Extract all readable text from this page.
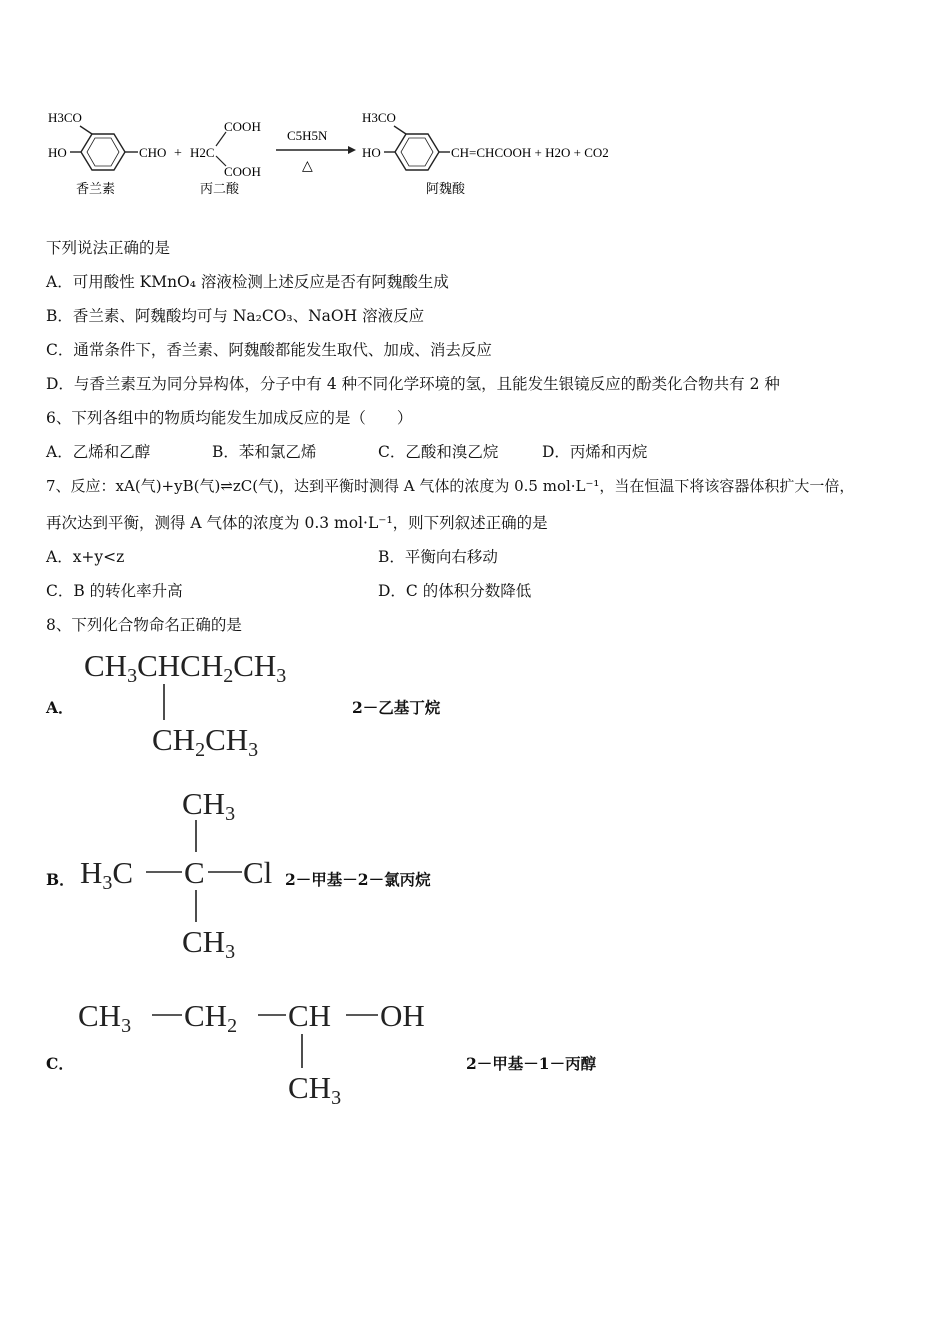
H3CO
HO	CHO + H2C
COOH
COOH
C5H5N
△
H3CO
HO	CH=CHCOOH + H2O + CO2
香兰素	丙二酸	阿魏酸
下列说法正确的是
A．可用酸性 KMnO₄ 溶液检测上述反应是否有阿魏酸生成
B．香兰素、阿魏酸均可与 Na₂CO₃、NaOH 溶液反应
C．通常条件下，香兰素、阿魏酸都能发生取代、加成、消去反应
D．与香兰素互为同分异构体，分子中有 4 种不同化学环境的氢，且能发生银镜反应的酚类化合物共有 2 种
6、下列各组中的物质均能发生加成反应的是（　　）
A．乙烯和乙醇	B．苯和氯乙烯	C．乙酸和溴乙烷	D．丙烯和丙烷
7、反应：xA(气)+yB(气)⇌zC(气)，达到平衡时测得 A 气体的浓度为 0.5 mol·L⁻¹，当在恒温下将该容器体积扩大一倍，
再次达到平衡，测得 A 气体的浓度为 0.3 mol·L⁻¹，则下列叙述正确的是
A．x+y<z	B．平衡向右移动
C．B 的转化率升高	D．C 的体积分数降低
8、下列化合物命名正确的是
A．
CH3CHCH2CH3
CH2CH3
2－乙基丁烷
B．
CH3
H3C C Cl
CH3
2－甲基－2－氯丙烷
C．
CH3 CH2 CH OH
CH3
2－甲基－1－丙醇
